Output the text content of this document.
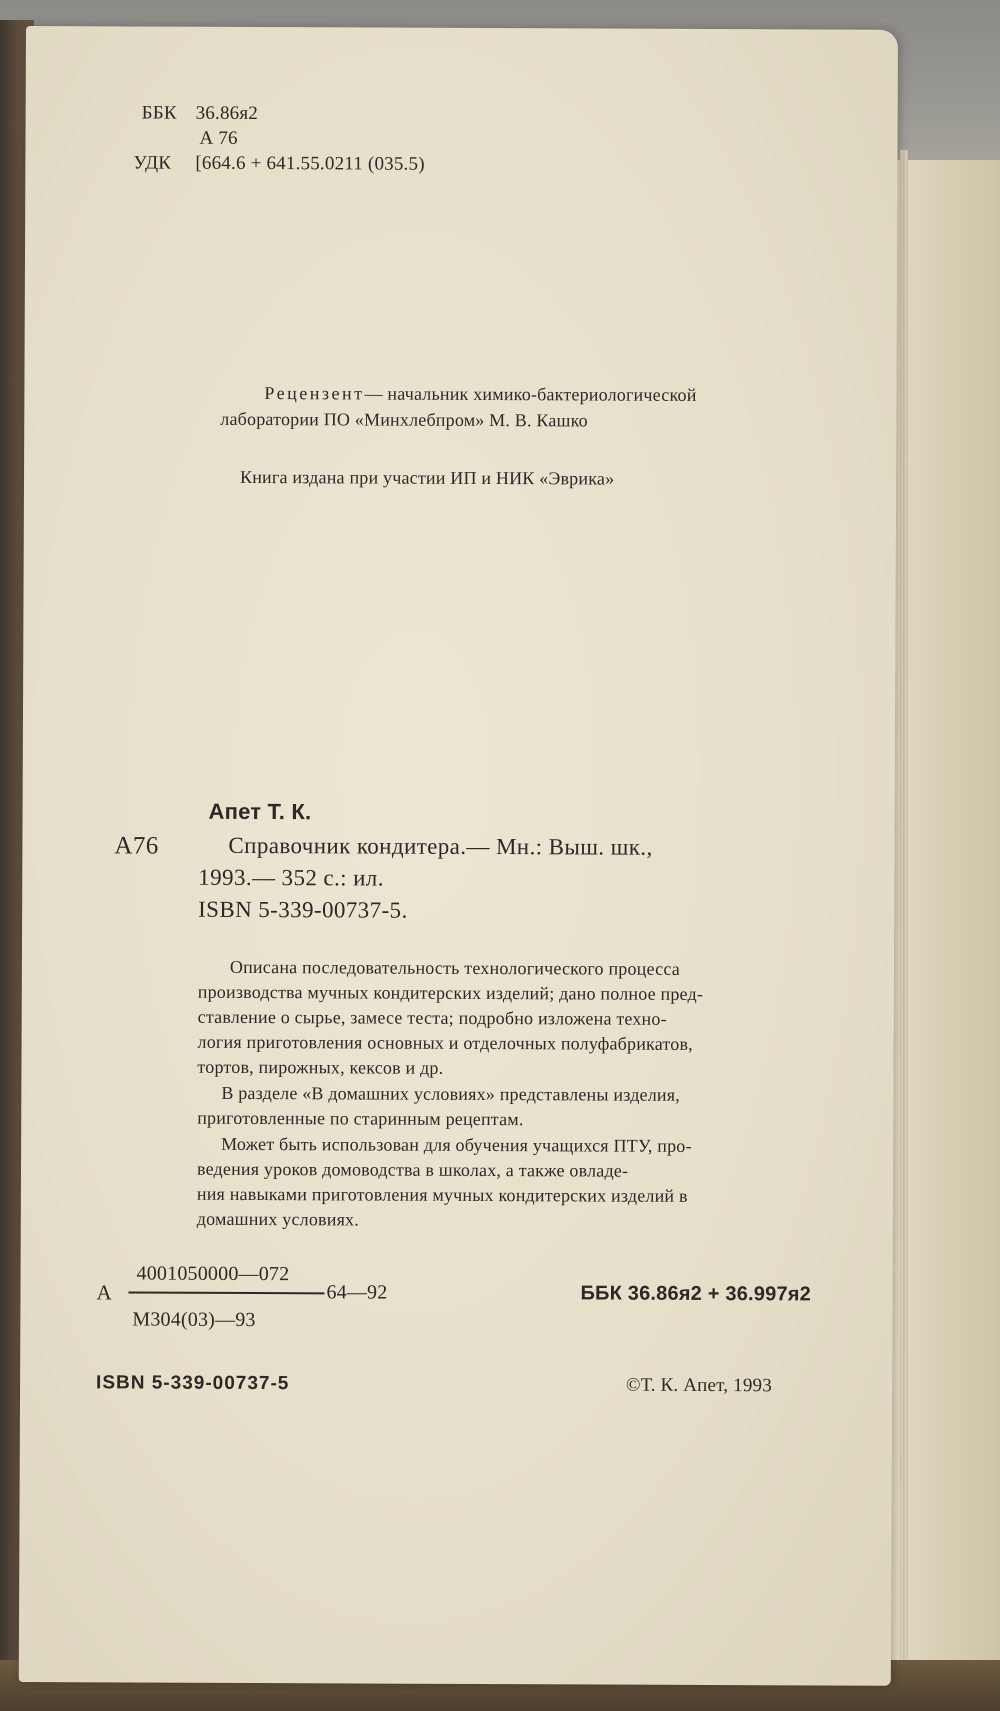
ББК 36.86я2
А 76
УДК [664.6 + 641.55.0211 (035.5)
Рецензент— начальник химико-бактериологической
лаборатории ПО «Минхлебпром» М. В. Кашко
Книга издана при участии ИП и НИК «Эврика»
Апет Т. К.
А76	Справочник кондитера.— Мн.: Выш. шк.,
1993.— 352 с.: ил.
ISBN 5-339-00737-5.
Описана последовательность технологического процесса
производства мучных кондитерских изделий; дано полное пред-
ставление о сырье, замесе теста; подробно изложена техно-
логия приготовления основных и отделочных полуфабрикатов,
тортов, пирожных, кексов и др.
В разделе «В домашних условиях» представлены изделия,
приготовленные по старинным рецептам.
Может быть использован для обучения учащихся ПТУ, про-
ведения уроков домоводства в школах, а также овладе-
ния навыками приготовления мучных кондитерских изделий в
домашних условиях.
4001050000—072
А	64—92
М304(03)—93
ББК 36.86я2 + 36.997я2
ISBN 5-339-00737-5	©Т. К. Апет, 1993
